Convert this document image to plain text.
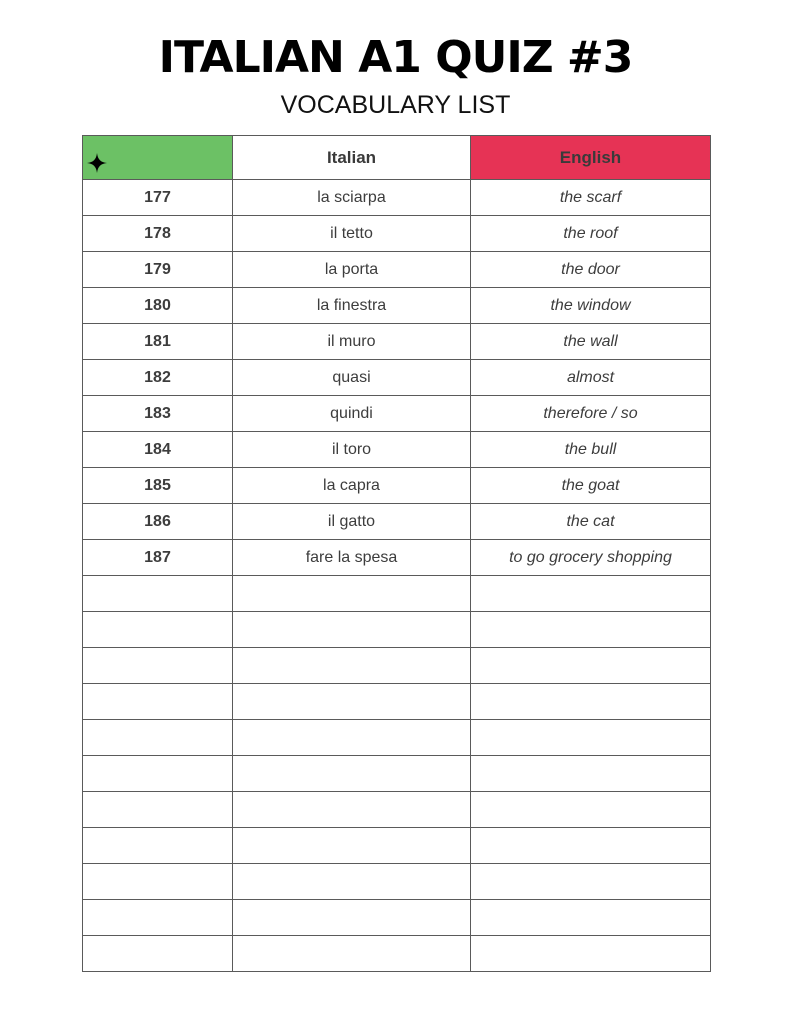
ITALIAN A1 QUIZ #3
VOCABULARY LIST
	Italian	English
177	la sciarpa	the scarf
178	il tetto	the roof
179	la porta	the door
180	la finestra	the window
181	il muro	the wall
182	quasi	almost
183	quindi	therefore / so
184	il toro	the bull
185	la capra	the goat
186	il gatto	the cat
187	fare la spesa	to go grocery shopping
